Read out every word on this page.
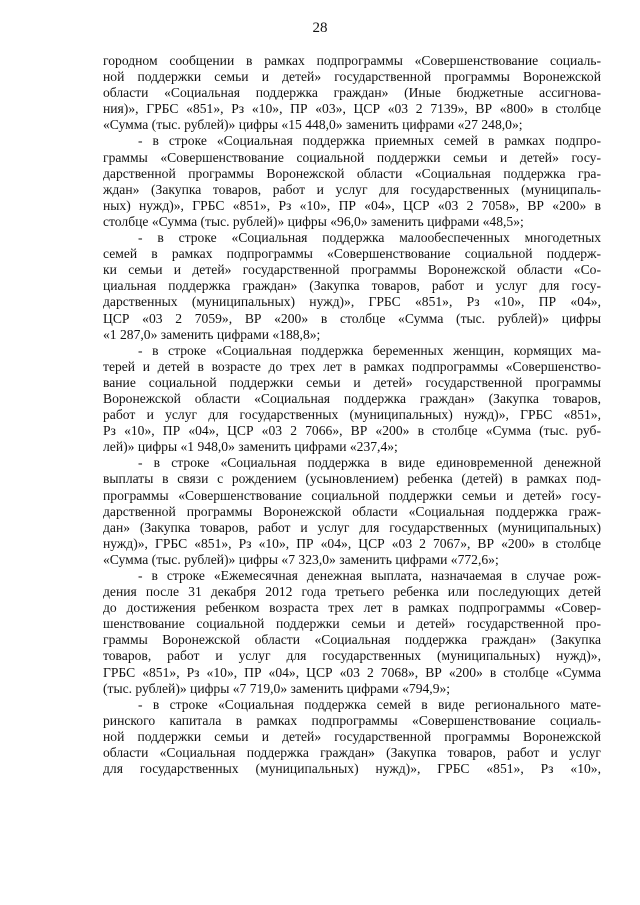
28
городном сообщении в рамках подпрограммы «Совершенствование социаль-
ной поддержки семьи и детей» государственной программы Воронежской
области «Социальная поддержка граждан» (Иные бюджетные ассигнова-
ния)», ГРБС «851», Рз «10», ПР «03», ЦСР «03 2 7139», ВР «800» в столбце
«Сумма (тыс. рублей)» цифры «15 448,0» заменить цифрами «27 248,0»;
- в строке «Социальная поддержка приемных семей в рамках подпро-
граммы «Совершенствование социальной поддержки семьи и детей» госу-
дарственной программы Воронежской области «Социальная поддержка гра-
ждан» (Закупка товаров, работ и услуг для государственных (муниципаль-
ных) нужд)», ГРБС «851», Рз «10», ПР «04», ЦСР «03 2 7058», ВР «200» в
столбце «Сумма (тыс. рублей)» цифры «96,0» заменить цифрами «48,5»;
- в строке «Социальная поддержка малообеспеченных многодетных
семей в рамках подпрограммы «Совершенствование социальной поддерж-
ки семьи и детей» государственной программы Воронежской области «Со-
циальная поддержка граждан» (Закупка товаров, работ и услуг для госу-
дарственных (муниципальных) нужд)», ГРБС «851», Рз «10», ПР «04»,
ЦСР «03 2 7059», ВР «200» в столбце «Сумма (тыс. рублей)» цифры
«1 287,0» заменить цифрами «188,8»;
- в строке «Социальная поддержка беременных женщин, кормящих ма-
терей и детей в возрасте до трех лет в рамках подпрограммы «Совершенство-
вание социальной поддержки семьи и детей» государственной программы
Воронежской области «Социальная поддержка граждан» (Закупка товаров,
работ и услуг для государственных (муниципальных) нужд)», ГРБС «851»,
Рз «10», ПР «04», ЦСР «03 2 7066», ВР «200» в столбце «Сумма (тыс. руб-
лей)» цифры «1 948,0» заменить цифрами «237,4»;
- в строке «Социальная поддержка в виде единовременной денежной
выплаты в связи с рождением (усыновлением) ребенка (детей) в рамках под-
программы «Совершенствование социальной поддержки семьи и детей» госу-
дарственной программы Воронежской области «Социальная поддержка граж-
дан» (Закупка товаров, работ и услуг для государственных (муниципальных)
нужд)», ГРБС «851», Рз «10», ПР «04», ЦСР «03 2 7067», ВР «200» в столбце
«Сумма (тыс. рублей)» цифры «7 323,0» заменить цифрами «772,6»;
- в строке «Ежемесячная денежная выплата, назначаемая в случае рож-
дения после 31 декабря 2012 года третьего ребенка или последующих детей
до достижения ребенком возраста трех лет в рамках подпрограммы «Совер-
шенствование социальной поддержки семьи и детей» государственной про-
граммы Воронежской области «Социальная поддержка граждан» (Закупка
товаров, работ и услуг для государственных (муниципальных) нужд)»,
ГРБС «851», Рз «10», ПР «04», ЦСР «03 2 7068», ВР «200» в столбце «Сумма
(тыс. рублей)» цифры «7 719,0» заменить цифрами «794,9»;
- в строке «Социальная поддержка семей в виде регионального мате-
ринского капитала в рамках подпрограммы «Совершенствование социаль-
ной поддержки семьи и детей» государственной программы Воронежской
области «Социальная поддержка граждан» (Закупка товаров, работ и услуг
для государственных (муниципальных) нужд)», ГРБС «851», Рз «10»,
